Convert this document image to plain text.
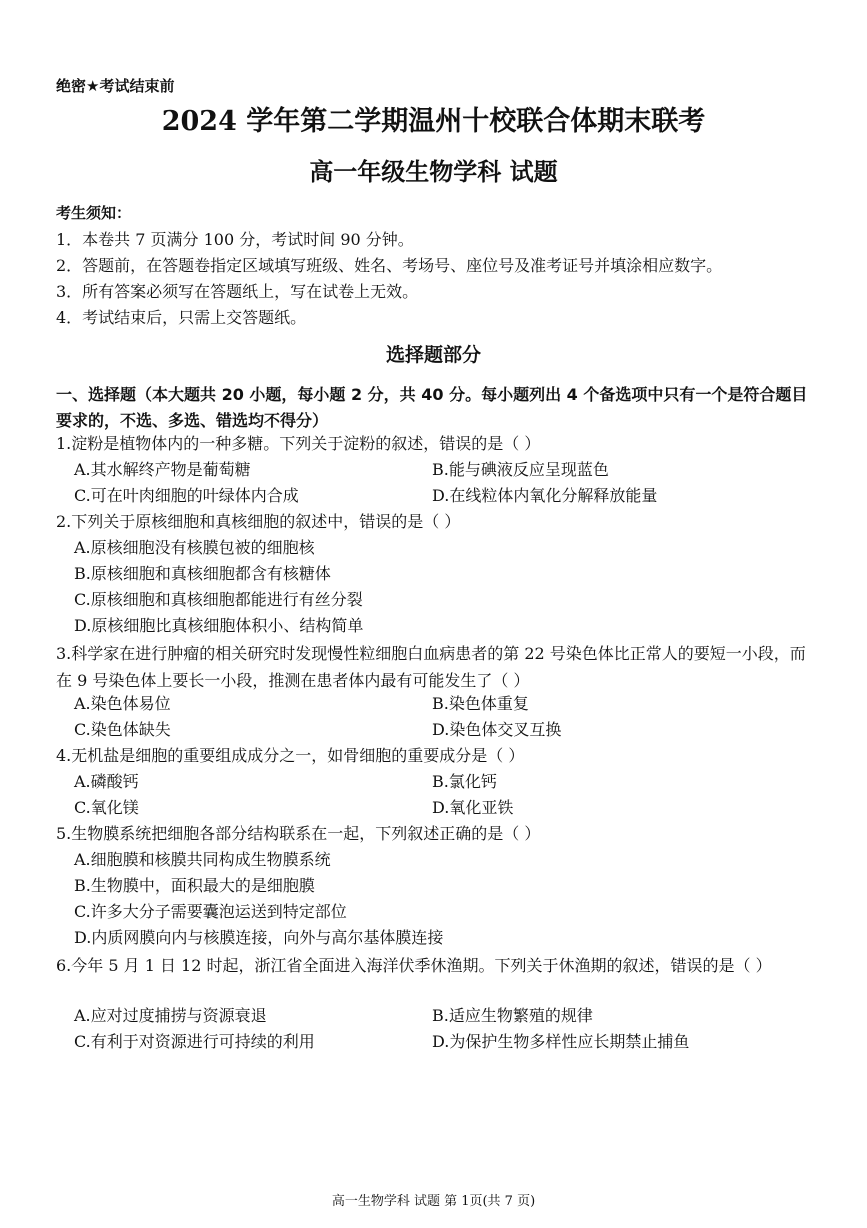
绝密★考试结束前
2024 学年第二学期温州十校联合体期末联考
高一年级生物学科 试题
考生须知：
1．本卷共 7 页满分 100 分，考试时间 90 分钟。
2．答题前，在答题卷指定区域填写班级、姓名、考场号、座位号及准考证号并填涂相应数字。
3．所有答案必须写在答题纸上，写在试卷上无效。
4．考试结束后，只需上交答题纸。
选择题部分
一、选择题（本大题共 20 小题，每小题 2 分，共 40 分。每小题列出 4 个备选项中只有一个是符合题目要求的，不选、多选、错选均不得分）
1.淀粉是植物体内的一种多糖。下列关于淀粉的叙述，错误的是（ ）
A.其水解终产物是葡萄糖	B.能与碘液反应呈现蓝色
C.可在叶肉细胞的叶绿体内合成	D.在线粒体内氧化分解释放能量
2.下列关于原核细胞和真核细胞的叙述中，错误的是（ ）
A.原核细胞没有核膜包被的细胞核
B.原核细胞和真核细胞都含有核糖体
C.原核细胞和真核细胞都能进行有丝分裂
D.原核细胞比真核细胞体积小、结构简单
3.科学家在进行肿瘤的相关研究时发现慢性粒细胞白血病患者的第 22 号染色体比正常人的要短一小段，而在 9 号染色体上要长一小段，推测在患者体内最有可能发生了（ ）
A.染色体易位	B.染色体重复
C.染色体缺失	D.染色体交叉互换
4.无机盐是细胞的重要组成成分之一，如骨细胞的重要成分是（ ）
A.磷酸钙	B.氯化钙
C.氧化镁	D.氧化亚铁
5.生物膜系统把细胞各部分结构联系在一起，下列叙述正确的是（ ）
A.细胞膜和核膜共同构成生物膜系统
B.生物膜中，面积最大的是细胞膜
C.许多大分子需要囊泡运送到特定部位
D.内质网膜向内与核膜连接，向外与高尔基体膜连接
6.今年 5 月 1 日 12 时起，浙江省全面进入海洋伏季休渔期。下列关于休渔期的叙述，错误的是（ ）
A.应对过度捕捞与资源衰退	B.适应生物繁殖的规律
C.有利于对资源进行可持续的利用	D.为保护生物多样性应长期禁止捕鱼
高一生物学科 试题 第 1页(共 7 页)
